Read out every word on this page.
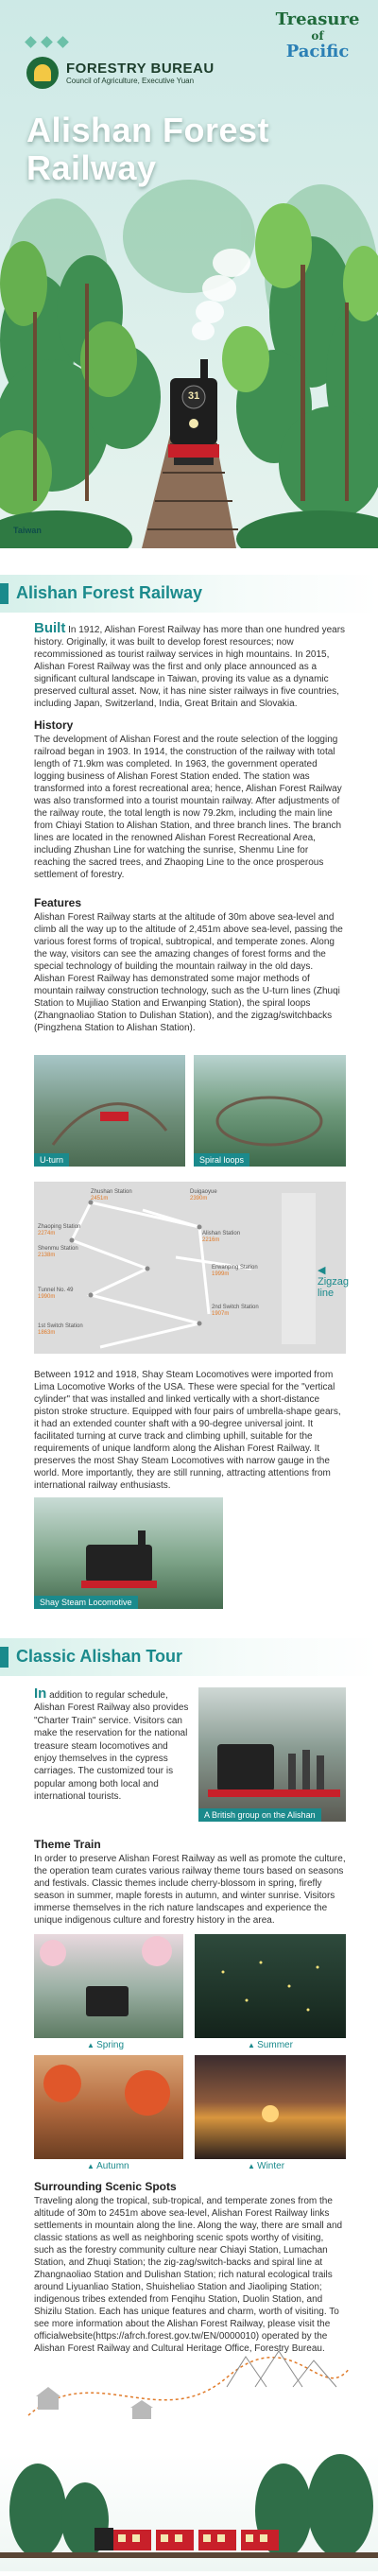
Treasure
of
Pacific
FORESTRY BUREAU
Council of Agriculture, Executive Yuan
Alishan Forest Railway
31
Taiwan
Alishan Forest Railway

Built In 1912, Alishan Forest Railway has more than one hundred years history. Originally, it was built to develop forest resources; now recommissioned as tourist railway services in high mountains. In 2015, Alishan Forest Railway was the first and only place announced as a significant cultural landscape in Taiwan, proving its value as a dynamic preserved cultural asset. Now, it has nine sister railways in five countries, including Japan, Switzerland, India, Great Britain and Slovakia.

History
The development of Alishan Forest and the route selection of the logging railroad began in 1903. In 1914, the construction of the railway with total length of 71.9km was completed. In 1963, the government operated logging business of Alishan Forest Station ended. The station was transformed into a forest recreational area; hence, Alishan Forest Railway was also transformed into a tourist mountain railway. After adjustments of the railway route, the total length is now 79.2km, including the main line from Chiayi Station to Alishan Station, and three branch lines. The branch lines are located in the renowned Alishan Forest Recreational Area, including Zhushan Line for watching the sunrise, Shenmu Line for reaching the sacred trees, and Zhaoping Line to the once prosperous settlement of forestry.
Features
Alishan Forest Railway starts at the altitude of 30m above sea-level and climb all the way up to the altitude of 2,451m above sea-level, passing the various forest forms of tropical, subtropical, and temperate zones. Along the way, visitors can see the amazing changes of forest forms and the special technology of building the mountain railway in the old days. Alishan Forest Railway has demonstrated some major methods of mountain railway construction technology, such as the U-turn lines (Zhuqi Station to Mujiliao Station and Erwanping Station), the spiral loops (Zhangnaoliao Station to Dulishan Station), and the zigzag/switchbacks (Pingzhena Station to Alishan Station).
U-turn	Spiral loops
Zhushan Station
2451m
Duigaoyue
2390m
Zhaoping Station
2274m	Alishan Station
2216m
Shenmu Station
2138m
Erwanping Station
1999m
Tunnel No. 49
1990m
1st Switch Station
1863m
2nd Switch Station
1907m
◀ Zigzag line
Between 1912 and 1918, Shay Steam Locomotives were imported from Lima Locomotive Works of the USA. These were special for the "vertical cylinder" that was installed and linked vertically with a short-distance piston stroke structure. Equipped with four pairs of umbrella-shape gears, it had an extended counter shaft with a 90-degree universal joint. It facilitated turning at curve track and climbing uphill, suitable for the requirements of unique landform along the Alishan Forest Railway. It preserves the most Shay Steam Locomotives with narrow gauge in the world. More importantly, they are still running, attracting attentions from international railway enthusiasts.
Shay Steam Locomotive
Classic Alishan Tour

In addition to regular schedule, Alishan Forest Railway also provides "Charter Train" service. Visitors can make the reservation for the national treasure steam locomotives and enjoy themselves in the cypress carriages. The customized tour is popular among both local and international tourists.

A British group on the Alishan
Theme Train
In order to preserve Alishan Forest Railway as well as promote the culture, the operation team curates various railway theme tours based on seasons and festivals. Classic themes include cherry-blossom in spring, firefly season in summer, maple forests in autumn, and winter sunrise. Visitors immerse themselves in the rich nature landscapes and experience the unique indigenous culture and forestry history in the area.
▲ Spring	▲ Summer
▲ Autumn	▲ Winter
Surrounding Scenic Spots
Traveling along the tropical, sub-tropical, and temperate zones from the altitude of 30m to 2451m above sea-level, Alishan Forest Railway links settlements in mountain along the line. Along the way, there are small and classic stations as well as neighboring scenic spots worthy of visiting, such as the forestry community culture near Chiayi Station, Lumachan Station, and Zhuqi Station; the zig-zag/switch-backs and spiral line at Zhangnaoliao Station and Dulishan Station; rich natural ecological trails around Liyuanliao Station, Shuisheliao Station and Jiaoliping Station; indigenous tribes extended from Fenqihu Station, Duolin Station, and Shizilu Station. Each has unique features and charm, worth of visiting. To see more information about the Alishan Forest Railway, please visit the officialwebsite(https://afrch.forest.gov.tw/EN/0000010) operated by the Alishan Forest Railway and Cultural Heritage Office, Forestry Bureau.
